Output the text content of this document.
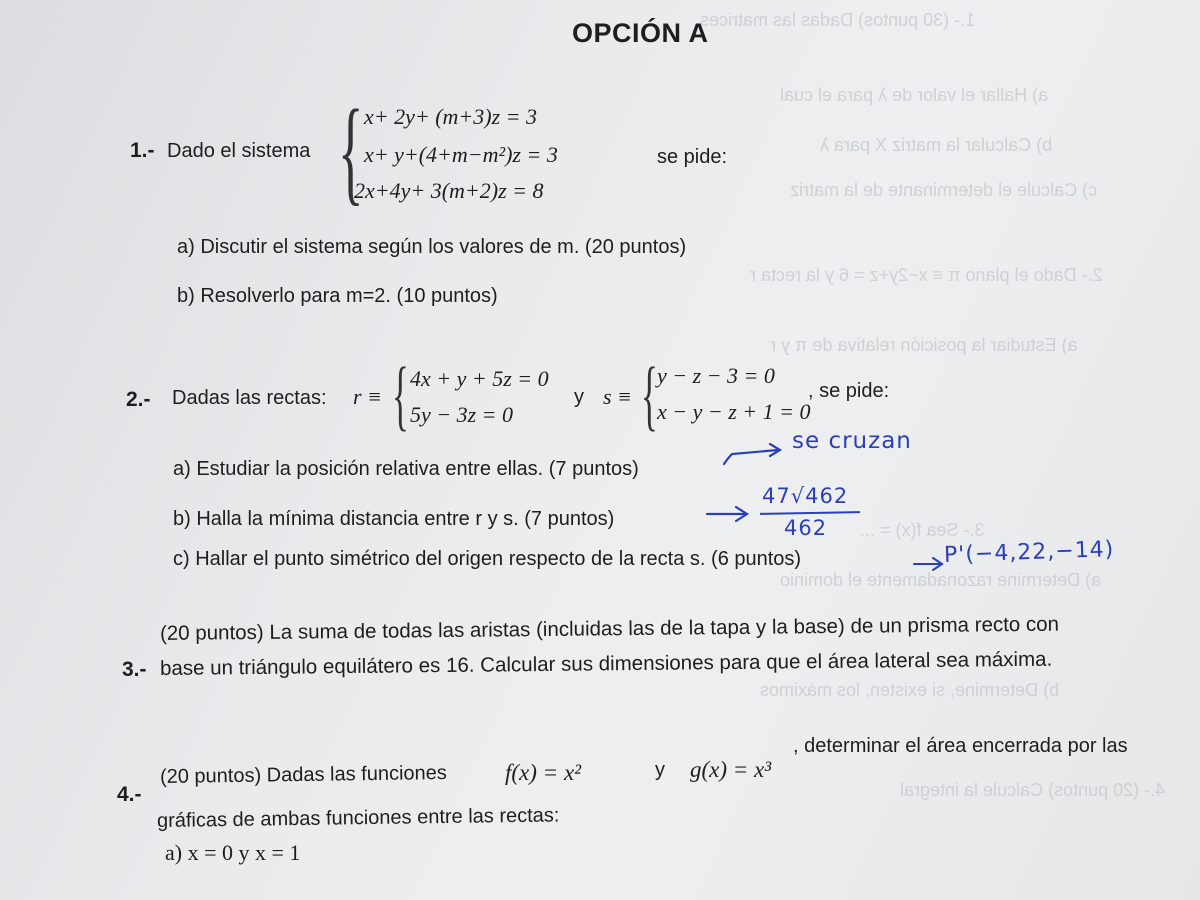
1.- (30 puntos) Dadas las matrices
a) Hallar el valor de λ para el cual
b) Calcular la matriz X para λ
c) Calcule el determinante de la matriz
2.- Dado el plano π ≡ x−2y+z = 6 y la recta r
a) Estudiar la posición relativa de π y r
3.- Sea f(x) = ...
a) Determine razonadamente el dominio
b) Determine, si existen, los máximos
4.- (20 puntos) Calcule la integral
OPCIÓN A
1.- Dado el sistema { x+ 2y+ (m+3)z = 3
x+ y+(4+m−m²)z = 3
2x+4y+ 3(m+2)z = 8
se pide:
a) Discutir el sistema según los valores de m. (20 puntos)
b) Resolverlo para m=2. (10 puntos)
2.- Dadas las rectas: r ≡ { 4x + y + 5z = 0
5y − 3z = 0
y s ≡ { y − z − 3 = 0
x − y − z + 1 = 0
, se pide:
a) Estudiar la posición relativa entre ellas. (7 puntos)
b) Halla la mínima distancia entre r y s. (7 puntos)
c) Hallar el punto simétrico del origen respecto de la recta s. (6 puntos)
se cruzan
47√462
462
P'(−4,22,−14)
3.-
(20 puntos) La suma de todas las aristas (incluidas las de la tapa y la base) de un prisma recto con
base un triángulo equilátero es 16. Calcular sus dimensiones para que el área lateral sea máxima.
4.-
(20 puntos) Dadas las funciones	f(x) = x²	y g(x) = x³
, determinar el área encerrada por las
gráficas de ambas funciones entre las rectas:
a) x = 0 y x = 1
